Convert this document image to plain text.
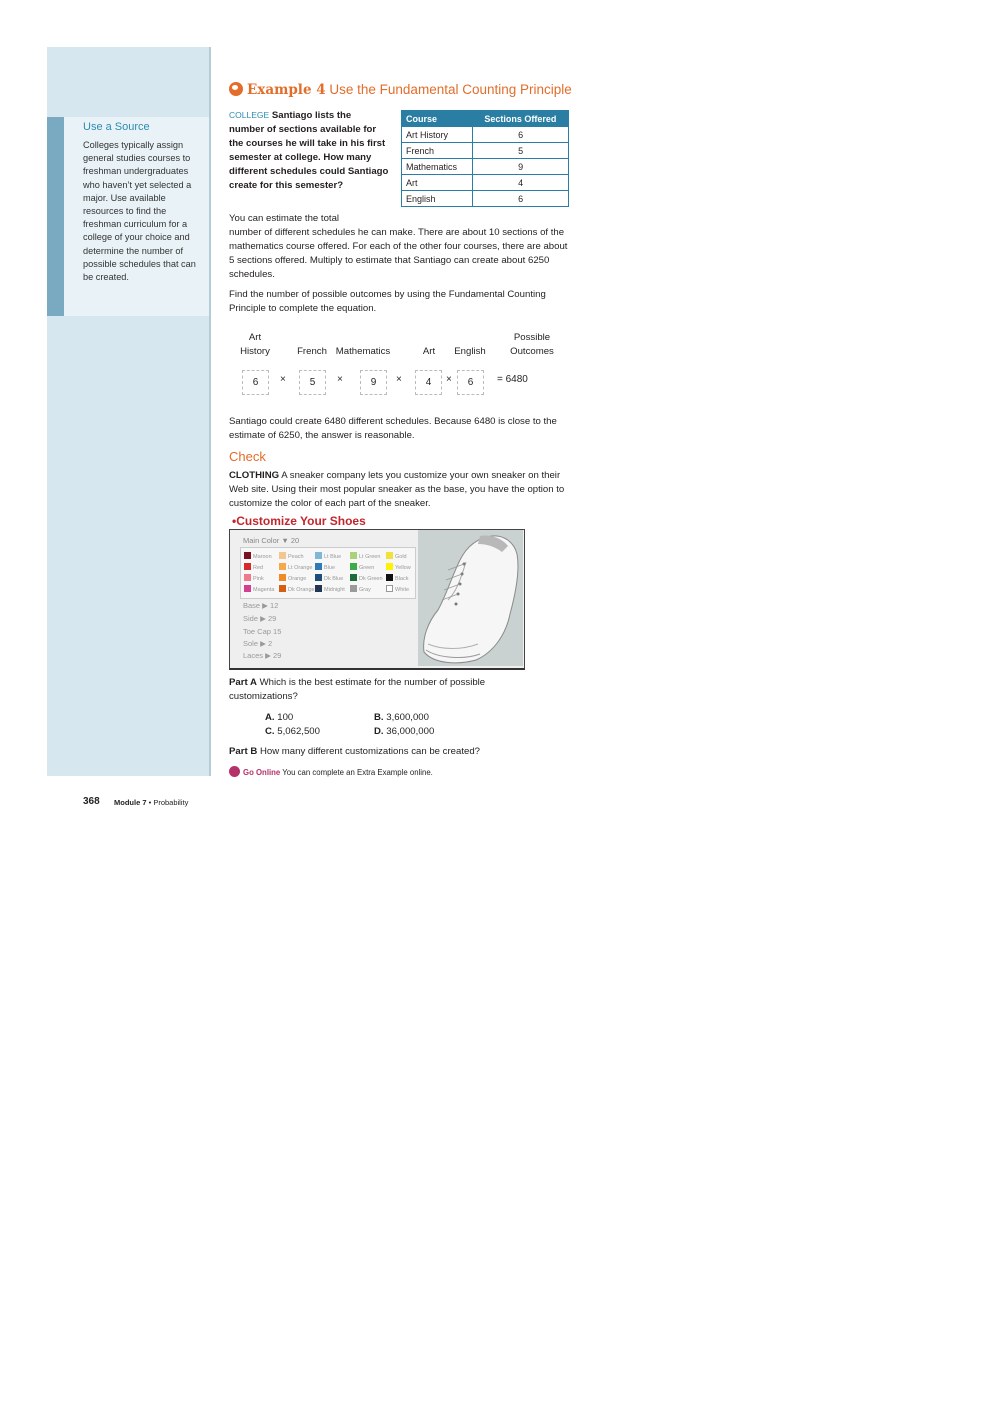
Use a Source
Colleges typically assign general studies courses to freshman undergraduates who haven’t yet selected a major. Use available resources to find the freshman curriculum for a college of your choice and determine the number of possible schedules that can be created.
Example 4 Use the Fundamental Counting Principle
COLLEGE Santiago lists the number of sections available for the courses he will take in his first semester at college. How many different schedules could Santiago create for this semester?
Course	Sections Offered
Art History	6
French	5
Mathematics	9
Art	4
English	6
You can estimate the total
number of different schedules he can make. There are about 10 sections of the mathematics course offered. For each of the other four courses, there are about 5 sections offered. Multiply to estimate that Santiago can create about 6250 schedules.
Find the number of possible outcomes by using the Fundamental Counting Principle to complete the equation.
Art
History	French Mathematics	Art	English
Possible
Outcomes
6	×	5	×	9	×	4	×	6	= 6480
Santiago could create 6480 different schedules. Because 6480 is close to the estimate of 6250, the answer is reasonable.
Check
CLOTHING A sneaker company lets you customize your own sneaker on their Web site. Using their most popular sneaker as the base, you have the option to customize the color of each part of the sneaker.
•Customize Your Shoes
Main Color ▼ 20
Maroon	Peach	Lt Blue	Lt Green	Gold
Red	Lt Orange	Blue	Green	Yellow
Pink	Orange	Dk Blue	Dk Green	Black
Magenta	Dk Orange	Midnight	Gray	White
Base ▶ 12
Side ▶ 29
Toe Cap 15
Sole ▶ 2
Laces ▶ 29
Part A Which is the best estimate for the number of possible customizations?
A. 100	B. 3,600,000
C. 5,062,500	D. 36,000,000
Part B How many different customizations can be created?
Go Online You can complete an Extra Example online.
368 Module 7 • Probability
